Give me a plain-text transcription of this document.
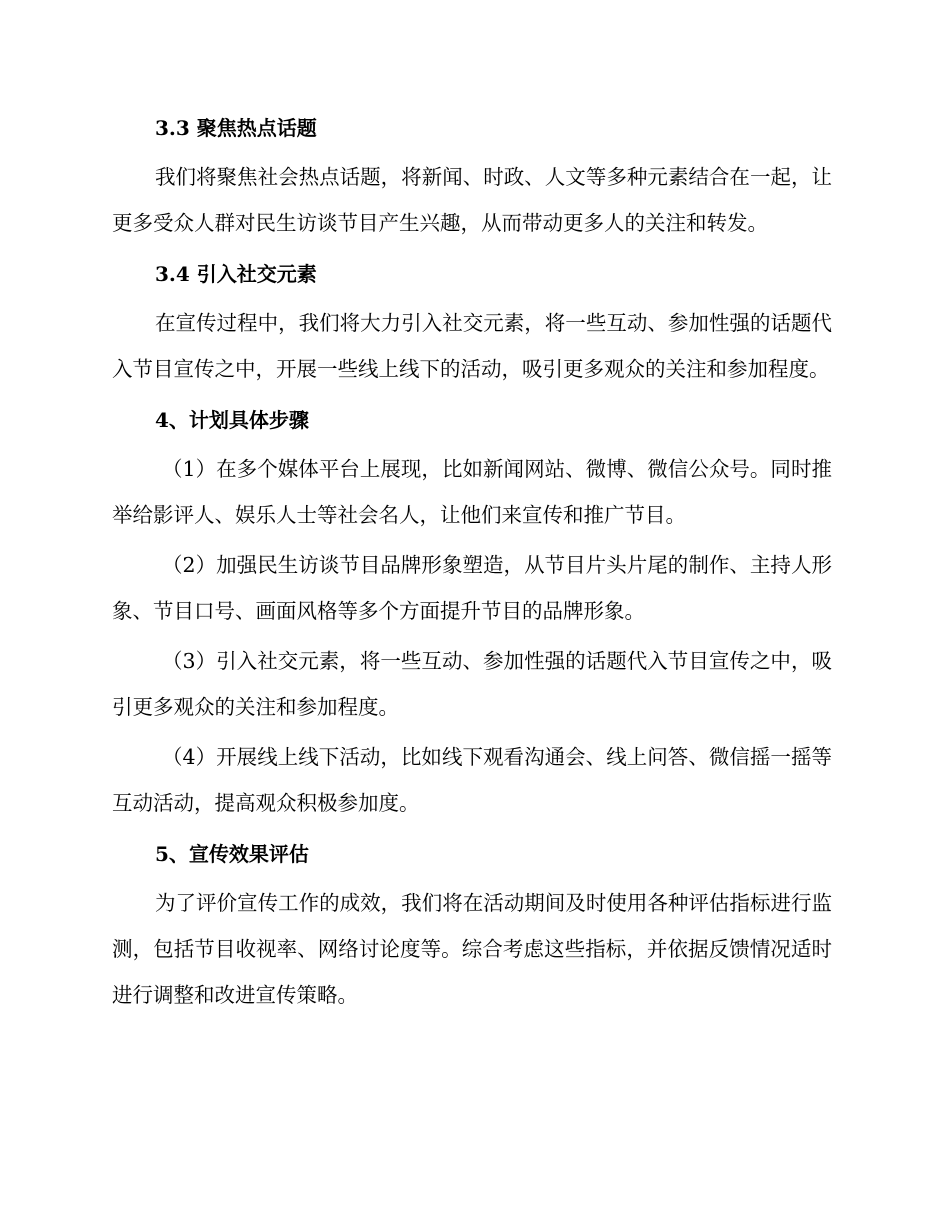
3.3 聚焦热点话题

我们将聚焦社会热点话题，将新闻、时政、人文等多种元素结合在一起，让更多受众人群对民生访谈节目产生兴趣，从而带动更多人的关注和转发。

3.4 引入社交元素

在宣传过程中，我们将大力引入社交元素，将一些互动、参加性强的话题代入节目宣传之中，开展一些线上线下的活动，吸引更多观众的关注和参加程度。

4、计划具体步骤

（1）在多个媒体平台上展现，比如新闻网站、微博、微信公众号。同时推举给影评人、娱乐人士等社会名人，让他们来宣传和推广节目。

（2）加强民生访谈节目品牌形象塑造，从节目片头片尾的制作、主持人形象、节目口号、画面风格等多个方面提升节目的品牌形象。

（3）引入社交元素，将一些互动、参加性强的话题代入节目宣传之中，吸引更多观众的关注和参加程度。

（4）开展线上线下活动，比如线下观看沟通会、线上问答、微信摇一摇等互动活动，提高观众积极参加度。

5、宣传效果评估

为了评价宣传工作的成效，我们将在活动期间及时使用各种评估指标进行监测，包括节目收视率、网络讨论度等。综合考虑这些指标，并依据反馈情况适时进行调整和改进宣传策略。
